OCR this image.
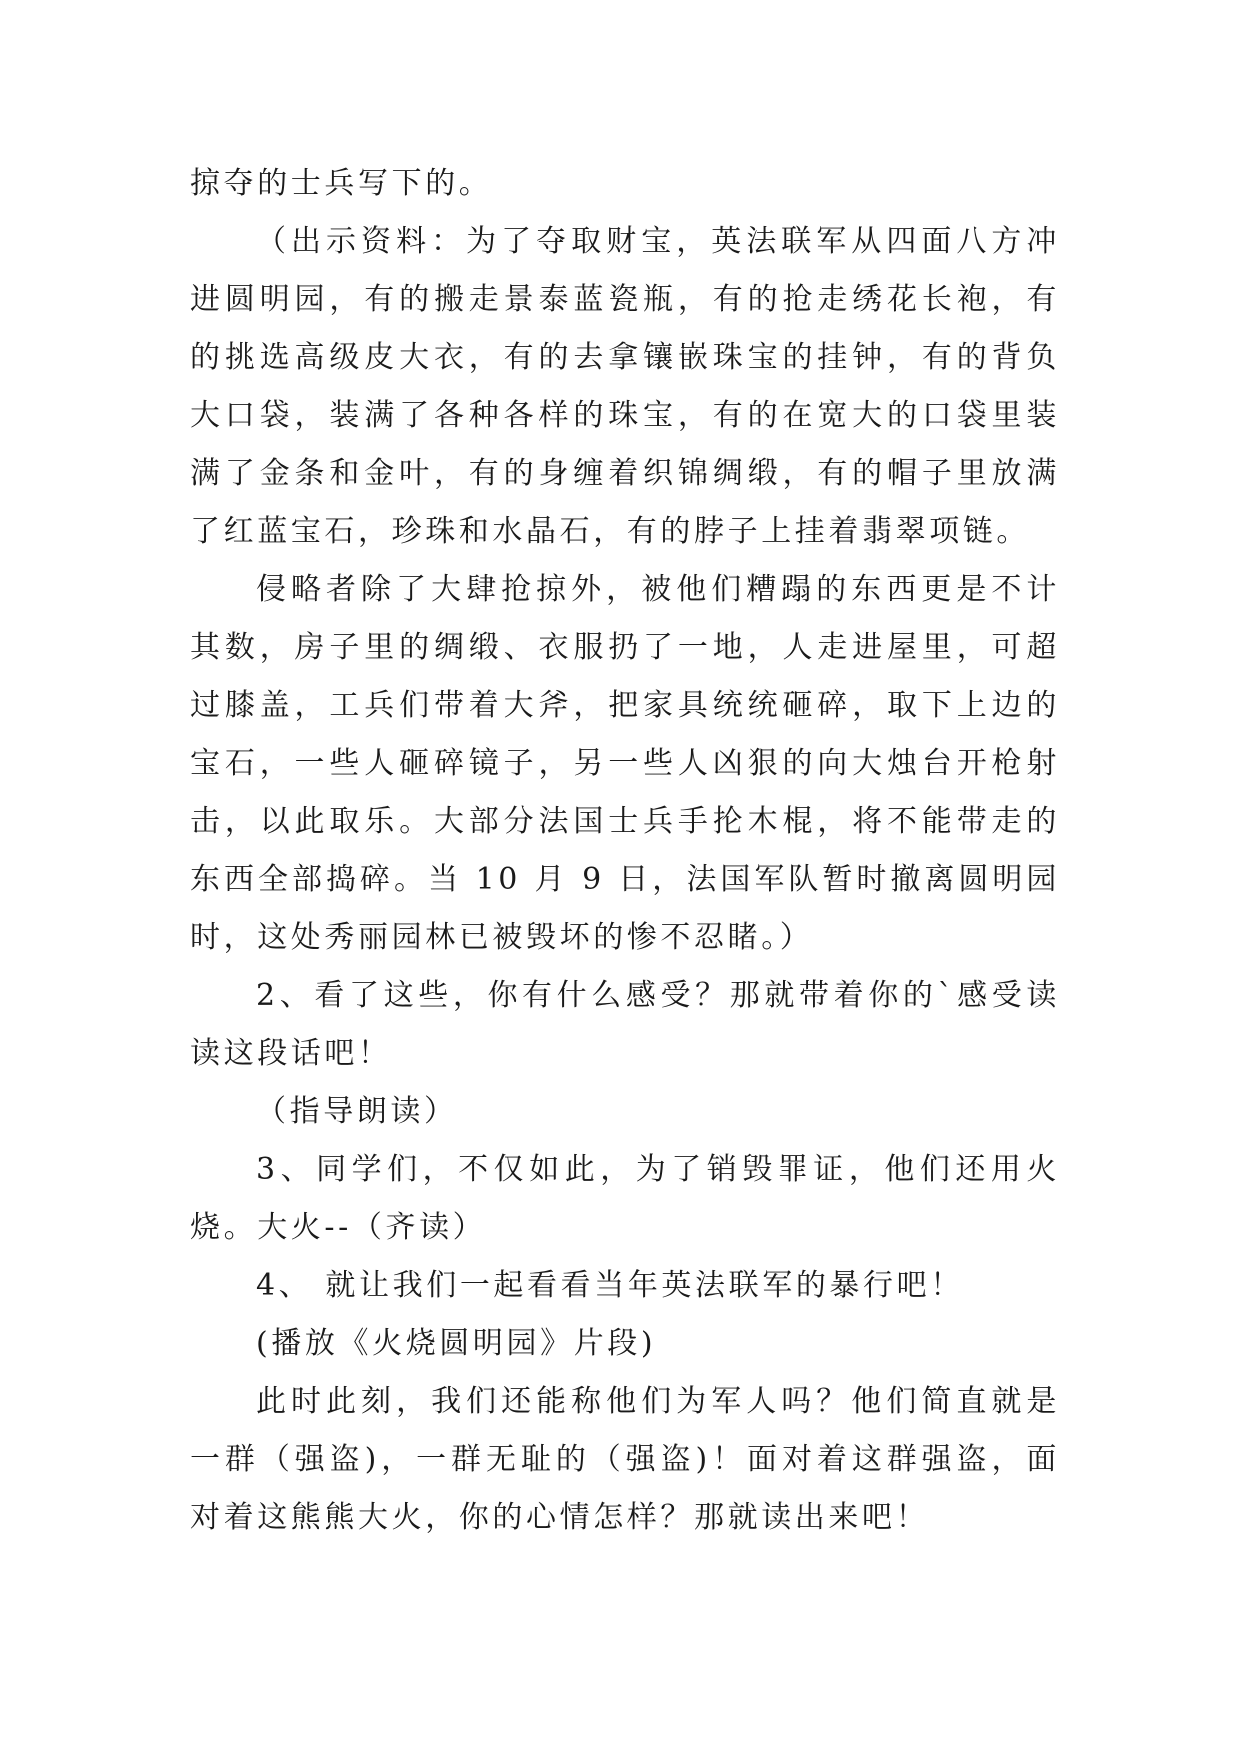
掠夺的士兵写下的。

（出示资料：为了夺取财宝，英法联军从四面八方冲进圆明园，有的搬走景泰蓝瓷瓶，有的抢走绣花长袍，有的挑选高级皮大衣，有的去拿镶嵌珠宝的挂钟，有的背负大口袋，装满了各种各样的珠宝，有的在宽大的口袋里装满了金条和金叶，有的身缠着织锦绸缎，有的帽子里放满了红蓝宝石，珍珠和水晶石，有的脖子上挂着翡翠项链。

侵略者除了大肆抢掠外，被他们糟蹋的东西更是不计其数，房子里的绸缎、衣服扔了一地，人走进屋里，可超过膝盖，工兵们带着大斧，把家具统统砸碎，取下上边的宝石，一些人砸碎镜子，另一些人凶狠的向大烛台开枪射击，以此取乐。大部分法国士兵手抡木棍，将不能带走的东西全部捣碎。当 10 月 9 日，法国军队暂时撤离圆明园时，这处秀丽园林已被毁坏的惨不忍睹。）

2、看了这些，你有什么感受？那就带着你的`感受读读这段话吧！

（指导朗读）

3、同学们，不仅如此，为了销毁罪证，他们还用火烧。大火--（齐读）

4、 就让我们一起看看当年英法联军的暴行吧！

(播放《火烧圆明园》片段)

此时此刻，我们还能称他们为军人吗？他们简直就是一群（强盗)，一群无耻的（强盗)！面对着这群强盗，面对着这熊熊大火，你的心情怎样？那就读出来吧！
